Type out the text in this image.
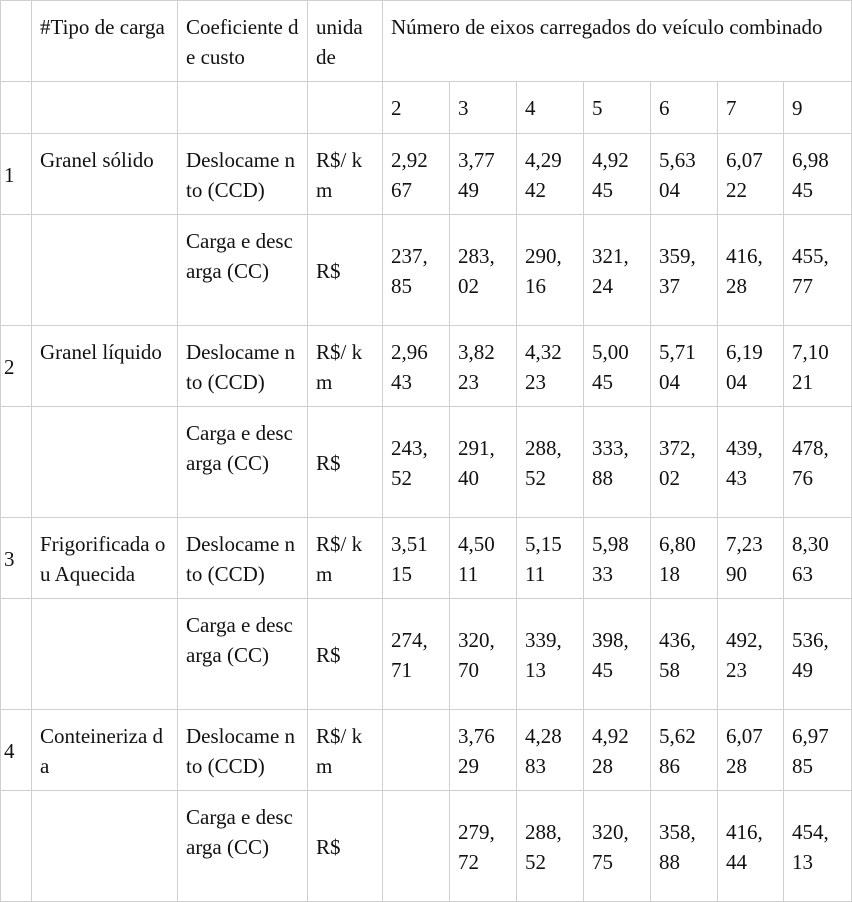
	#Tipo de carga	Coeficiente de custo	unida de	Número de eixos carregados do veículo combinado						
				2	3	4	5	6	7	9
1	Granel sólido	Deslocame nto (CCD)	R$/ km	2,92 67	3,77 49	4,29 42	4,92 45	5,63 04	6,07 22	6,98 45
		Carga e descarga (CC)	R$	237, 85	283, 02	290, 16	321, 24	359, 37	416, 28	455, 77
2	Granel líquido	Deslocame nto (CCD)	R$/ km	2,96 43	3,82 23	4,32 23	5,00 45	5,71 04	6,19 04	7,10 21
		Carga e descarga (CC)	R$	243, 52	291, 40	288, 52	333, 88	372, 02	439, 43	478, 76
3	Frigorificada ou Aquecida	Deslocame nto (CCD)	R$/ km	3,51 15	4,50 11	5,15 11	5,98 33	6,80 18	7,23 90	8,30 63
		Carga e descarga (CC)	R$	274, 71	320, 70	339, 13	398, 45	436, 58	492, 23	536, 49
4	Conteineriza da	Deslocame nto (CCD)	R$/ km		3,76 29	4,28 83	4,92 28	5,62 86	6,07 28	6,97 85
		Carga e descarga (CC)	R$		279, 72	288, 52	320, 75	358, 88	416, 44	454, 13
